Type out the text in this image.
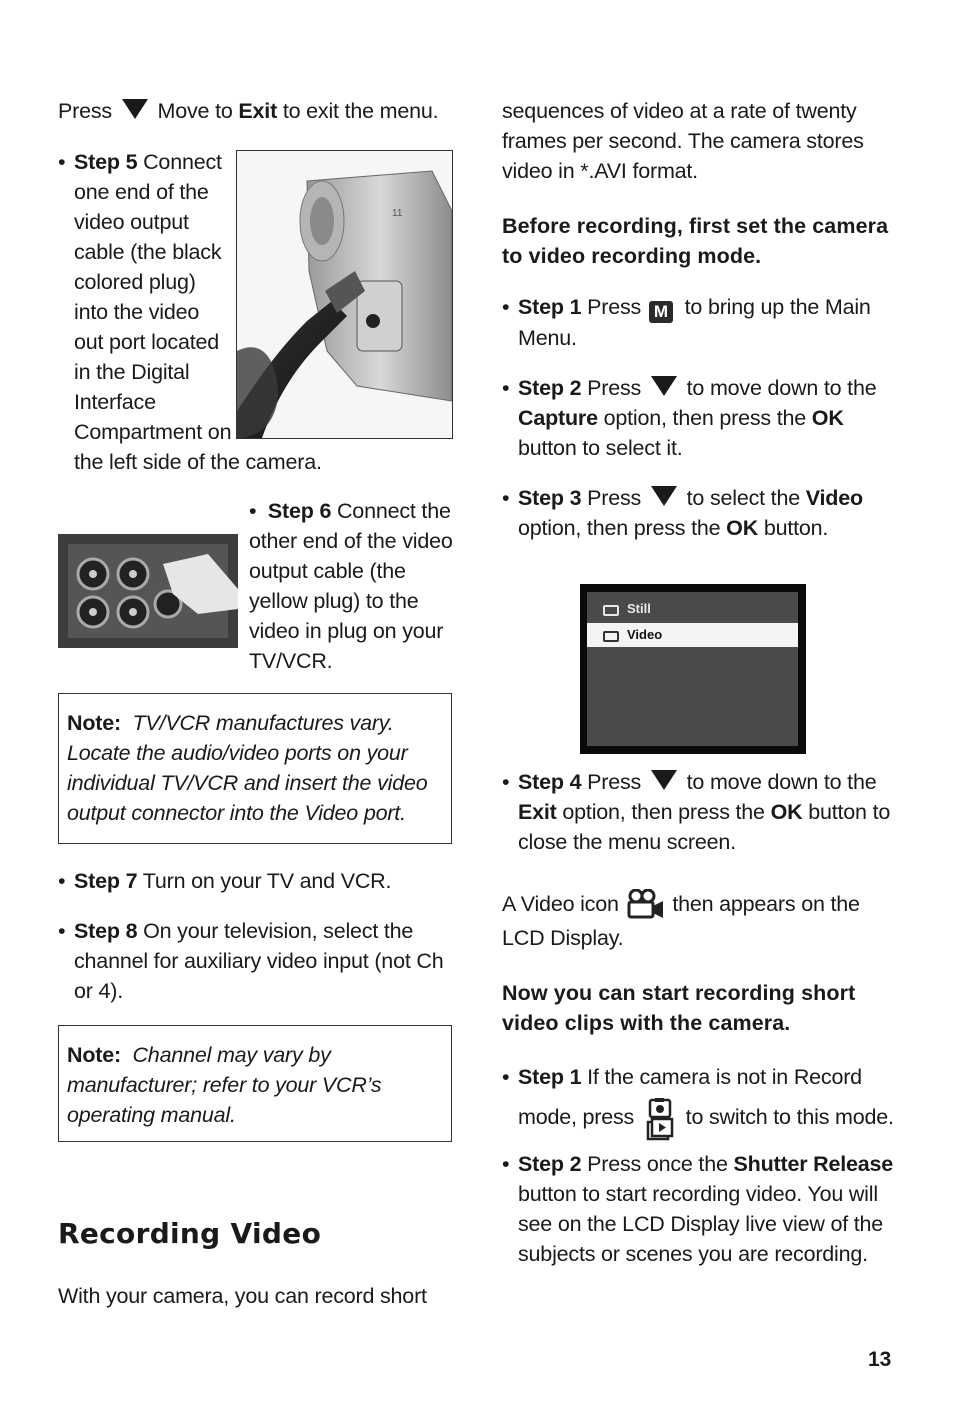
Press Move to Exit to exit the menu.

• Step 5 Connect
one end of the
video output
cable (the black
colored plug)
into the video
out port located
in the Digital
Interface
Compartment on
the left side of the camera.
11
•  Step 6 Connect the
other end of the video
output cable (the
yellow plug) to the
video in plug on your
TV/VCR.
Note: TV/VCR manufactures vary.
Locate the audio/video ports on your
individual TV/VCR and insert the video
output connector into the Video port.
• Step 7 Turn on your TV and VCR.
• Step 8 On your television, select the
channel for auxiliary video input (not Ch
or 4).
Note: Channel may vary by
manufacturer; refer to your VCR’s
operating manual.
Recording Video
With your camera, you can record short
sequences of video at a rate of twenty
frames per second. The camera stores
video in *.AVI format.
Before recording, first set the camera
to video recording mode.
• Step 1 Press M to bring up the Main
Menu.
• Step 2 Press to move down to the
Capture option, then press the OK
button to select it.
• Step 3 Press to select the Video
option, then press the OK button.
Still
Video
• Step 4 Press to move down to the
Exit option, then press the OK button to
close the menu screen.
A Video icon then appears on the
LCD Display.
Now you can start recording short
video clips with the camera.
• Step 1 If the camera is not in Record
mode, press to switch to this mode.
• Step 2 Press once the Shutter Release
button to start recording video. You will
see on the LCD Display live view of the
subjects or scenes you are recording.
13
